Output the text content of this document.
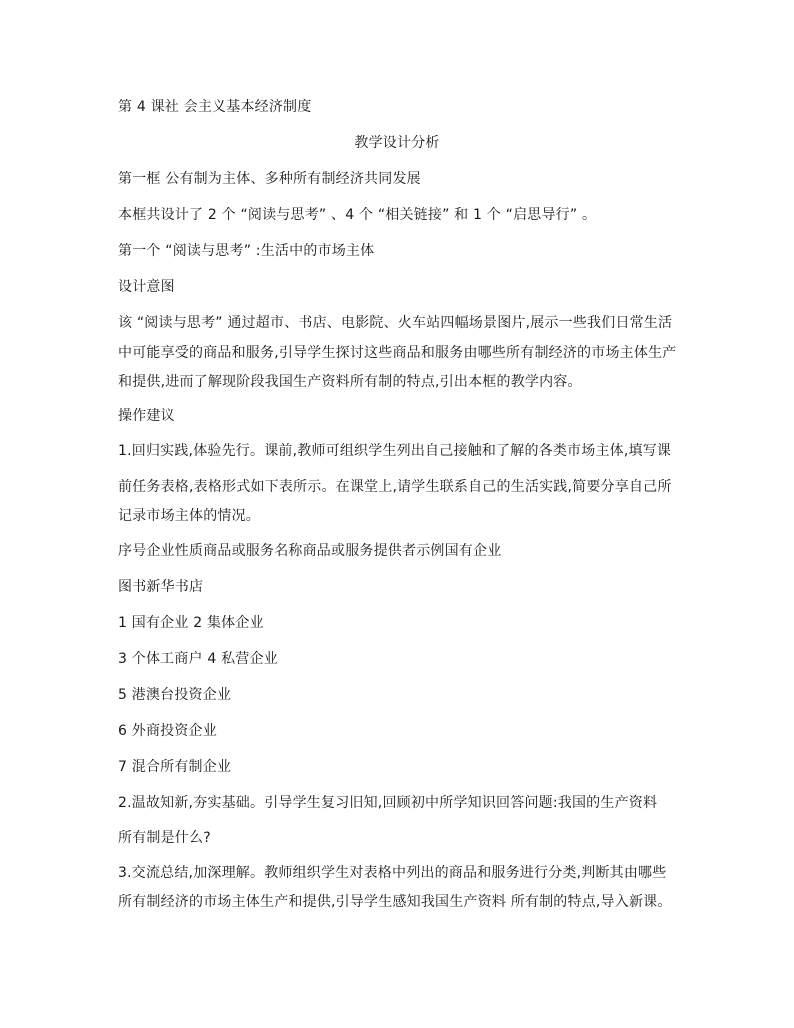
第 4 课社 会主义基本经济制度
教学设计分析
第一框 公有制为主体、多种所有制经济共同发展
本框共设计了 2 个 “阅读与思考” 、4 个 “相关链接” 和 1 个 “启思导行” 。
第一个 “阅读与思考” :生活中的市场主体
设计意图
该 “阅读与思考” 通过超市、书店、电影院、火车站四幅场景图片,展示一些我们日常生活
中可能享受的商品和服务,引导学生探讨这些商品和服务由哪些所有制经济的市场主体生产
和提供,进而了解现阶段我国生产资料所有制的特点,引出本框的教学内容。
操作建议
1.回归实践,体验先行。课前,教师可组织学生列出自己接触和了解的各类市场主体,填写课
前任务表格,表格形式如下表所示。在课堂上,请学生联系自己的生活实践,简要分享自己所
记录市场主体的情况。
序号企业性质商品或服务名称商品或服务提供者示例国有企业
图书新华书店
1 国有企业 2 集体企业
3 个体工商户 4 私营企业
5 港澳台投资企业
6 外商投资企业
7 混合所有制企业
2.温故知新,夯实基础。引导学生复习旧知,回顾初中所学知识回答问题:我国的生产资料
所有制是什么?
3.交流总结,加深理解。教师组织学生对表格中列出的商品和服务进行分类,判断其由哪些
所有制经济的市场主体生产和提供,引导学生感知我国生产资料 所有制的特点,导入新课。
